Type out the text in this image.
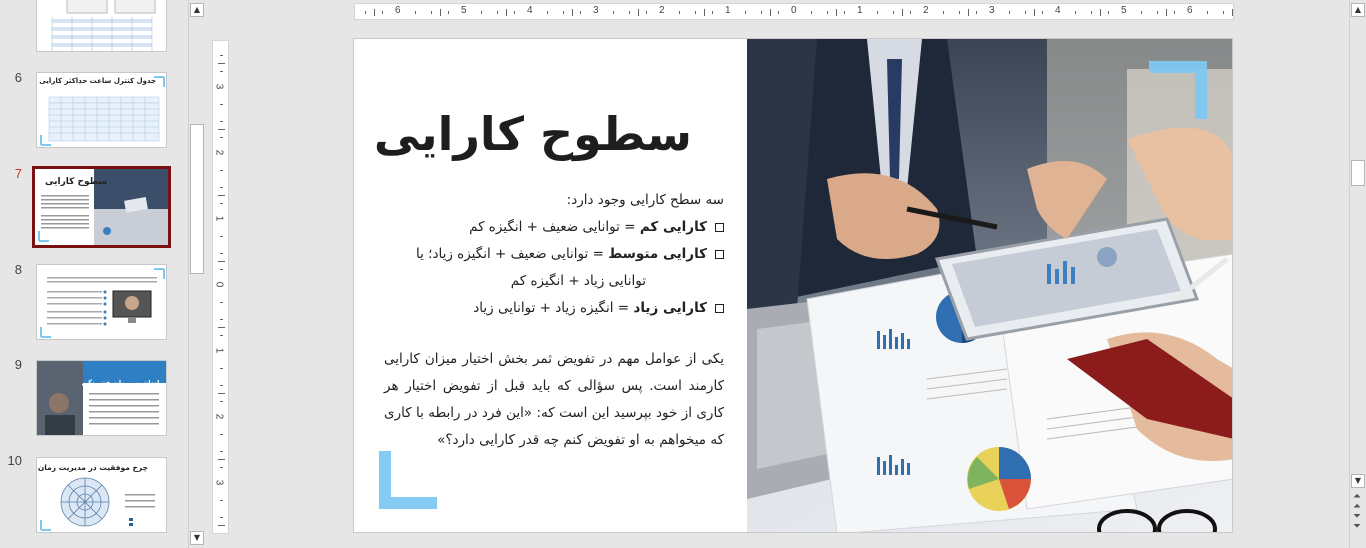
6 جدول کنترل ساعت حداکثر کارایی
7
سطوح کارایی
8
9
یادداشت روزانه فشردگی
10 چرخ موفقیت در مدیریت زمان
▲
▼
6	5	4	3	2	1	0	1	2	3	4	5	6
3
2
1
0
1
2
3
سطوح کارایی
سه سطح کارایی وجود دارد:
کارایی کم = توانایی ضعیف + انگیزه کم
کارایی متوسط = توانایی ضعیف + انگیزه زیاد؛ یا
توانایی زیاد + انگیزه کم
کارایی زیاد = انگیزه زیاد + توانایی زیاد
یکی از عوامل مهم در تفویض ثمر بخش اختیار میزان کارایی کارمند است. پس سؤالی که باید قبل از تفویض اختیار هر کاری از خود بپرسید این است که: «این فرد در رابطه با کاری که میخواهم به او تفویض کنم چه قدر کارایی دارد؟»
▲
▼
⏶
⏶
⏷
⏷
